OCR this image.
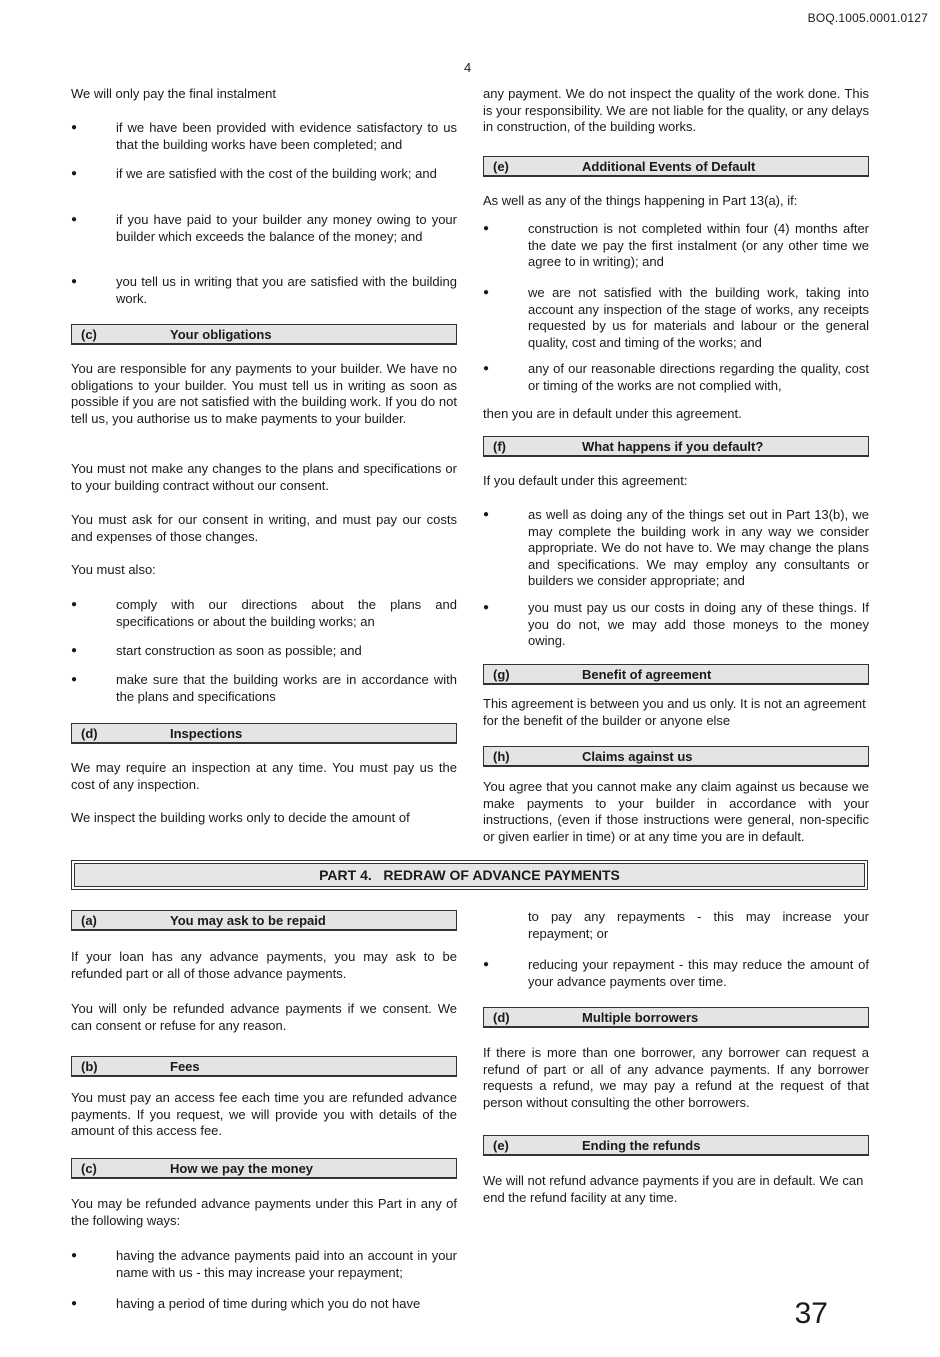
BOQ.1005.0001.0127
4
We will only pay the final instalment
●	if we have been provided with evidence satisfactory to us that the building works have been completed; and
●	if we are satisfied with the cost of the building work; and
●	if you have paid to your builder any money owing to your builder which exceeds the balance of the money; and
●	you tell us in writing that you are satisfied with the building work.
(c)	Your obligations

You are responsible for any payments to your builder. We have no obligations to your builder. You must tell us in writing as soon as possible if you are not satisfied with the building work. If you do not tell us, you authorise us to make payments to your builder.

You must not make any changes to the plans and specifications or to your building contract without our consent.

You must ask for our consent in writing, and must pay our costs and expenses of those changes.

You must also:

●	comply with our directions about the plans and specifications or about the building works; an
●	start construction as soon as possible; and
●	make sure that the building works are in accordance with the plans and specifications
(d)	Inspections

We may require an inspection at any time. You must pay us the cost of any inspection.

We inspect the building works only to decide the amount of

any payment. We do not inspect the quality of the work done. This is your responsibility. We are not liable for the quality, or any delays in construction, of the building works.

(e)	Additional Events of Default

As well as any of the things happening in Part 13(a), if:

●	construction is not completed within four (4) months after the date we pay the first instalment (or any other time we agree to in writing); and
●	we are not satisfied with the building work, taking into account any inspection of the stage of works, any receipts requested by us for materials and labour or the general quality, cost and timing of the works; and
●	any of our reasonable directions regarding the quality, cost or timing of the works are not complied with,

then you are in default under this agreement.

(f)	What happens if you default?

If you default under this agreement:

●	as well as doing any of the things set out in Part 13(b), we may complete the building work in any way we consider appropriate. We do not have to. We may change the plans and specifications. We may employ any consultants or builders we consider appropriate; and
●	you must pay us our costs in doing any of these things. If you do not, we may add those moneys to the money owing.
(g)	Benefit of agreement

This agreement is between you and us only. It is not an agreement for the benefit of the builder or anyone else

(h)	Claims against us

You agree that you cannot make any claim against us because we make payments to your builder in accordance with your instructions, (even if those instructions were general, non-specific or given earlier in time) or at any time you are in default.

PART 4.   REDRAW OF ADVANCE PAYMENTS
(a)	You may ask to be repaid

If your loan has any advance payments, you may ask to be refunded part or all of those advance payments.

You will only be refunded advance payments if we consent. We can consent or refuse for any reason.

(b)	Fees

You must pay an access fee each time you are refunded advance payments. If you request, we will provide you with details of the amount of this access fee.

(c)	How we pay the money

You may be refunded advance payments under this Part in any of the following ways:

●	having the advance payments paid into an account in your name with us - this may increase your repayment;
●	having a period of time during which you do not have

to pay any repayments - this may increase your repayment; or

●	reducing your repayment - this may reduce the amount of your advance payments over time.
(d)	Multiple borrowers

If there is more than one borrower, any borrower can request a refund of part or all of any advance payments. If any borrower requests a refund, we may pay a refund at the request of that person without consulting the other borrowers.

(e)	Ending the refunds

We will not refund advance payments if you are in default. We can end the refund facility at any time.

37
